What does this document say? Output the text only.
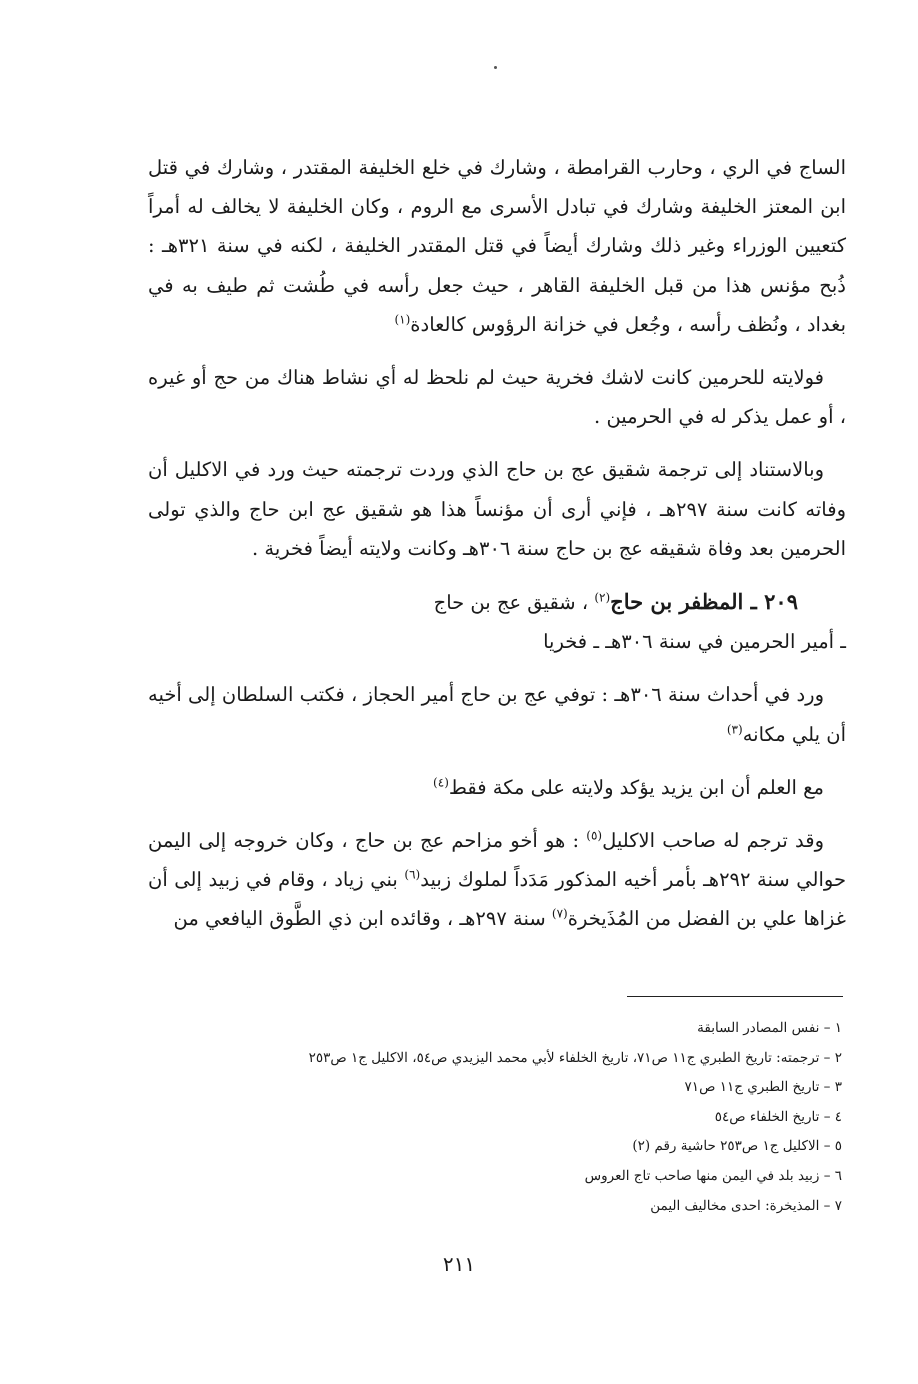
الساج في الري ، وحارب القرامطة ، وشارك في خلع الخليفة المقتدر ، وشارك في قتل ابن المعتز الخليفة وشارك في تبادل الأسرى مع الروم ، وكان الخليفة لا يخالف له أمراً كتعيين الوزراء وغير ذلك وشارك أيضاً في قتل المقتدر الخليفة ، لكنه في سنة ٣٢١هـ : ذُبح مؤنس هذا من قبل الخليفة القاهر ، حيث جعل رأسه في طُشت ثم طيف به في بغداد ، ونُظف رأسه ، وجُعل في خزانة الرؤوس كالعادة$^{(١)}$

فولايته للحرمين كانت لاشك فخرية حيث لم نلحظ له أي نشاط هناك من حج أو غيره ، أو عمل يذكر له في الحرمين .

وبالاستناد إلى ترجمة شقيق عج بن حاج الذي وردت ترجمته حيث ورد في الاكليل أن وفاته كانت سنة ٢٩٧هـ ، فإني أرى أن مؤنساً هذا هو شقيق عج ابن حاج والذي تولى الحرمين بعد وفاة شقيقه عج بن حاج سنة ٣٠٦هـ وكانت ولايته أيضاً فخرية .

٢٠٩ ـ المظفر بن حاج$^{(٢)}$ ، شقيق عج بن حاج

ـ أمير الحرمين في سنة ٣٠٦هـ ـ فخريا

ورد في أحداث سنة ٣٠٦هـ : توفي عج بن حاج أمير الحجاز ، فكتب السلطان إلى أخيه أن يلي مكانه$^{(٣)}$

مع العلم أن ابن يزيد يؤكد ولايته على مكة فقط$^{(٤)}$

وقد ترجم له صاحب الاكليل$^{(٥)}$ : هو أخو مزاحم عج بن حاج ، وكان خروجه إلى اليمن حوالي سنة ٢٩٢هـ بأمر أخيه المذكور مَدَداً لملوك زبيد$^{(٦)}$ بني زياد ، وقام في زبيد إلى أن غزاها علي بن الفضل من المُذَيخرة$^{(٧)}$ سنة ٢٩٧هـ ، وقائده ابن ذي الطَّوق اليافعي من

١ – نفس المصادر السابقة
٢ – ترجمته: تاريخ الطبري ج١١ ص٧١، تاريخ الخلفاء لأبي محمد اليزيدي ص٥٤، الاكليل ج١ ص٢٥٣
٣ – تاريخ الطبري ج١١ ص٧١
٤ – تاريخ الخلفاء ص٥٤
٥ – الاكليل ج١ ص٢٥٣ حاشية رقم (٢)
٦ – زبيد بلد في اليمن منها صاحب تاج العروس
٧ – المذيخرة: احدى مخاليف اليمن
٢١١
